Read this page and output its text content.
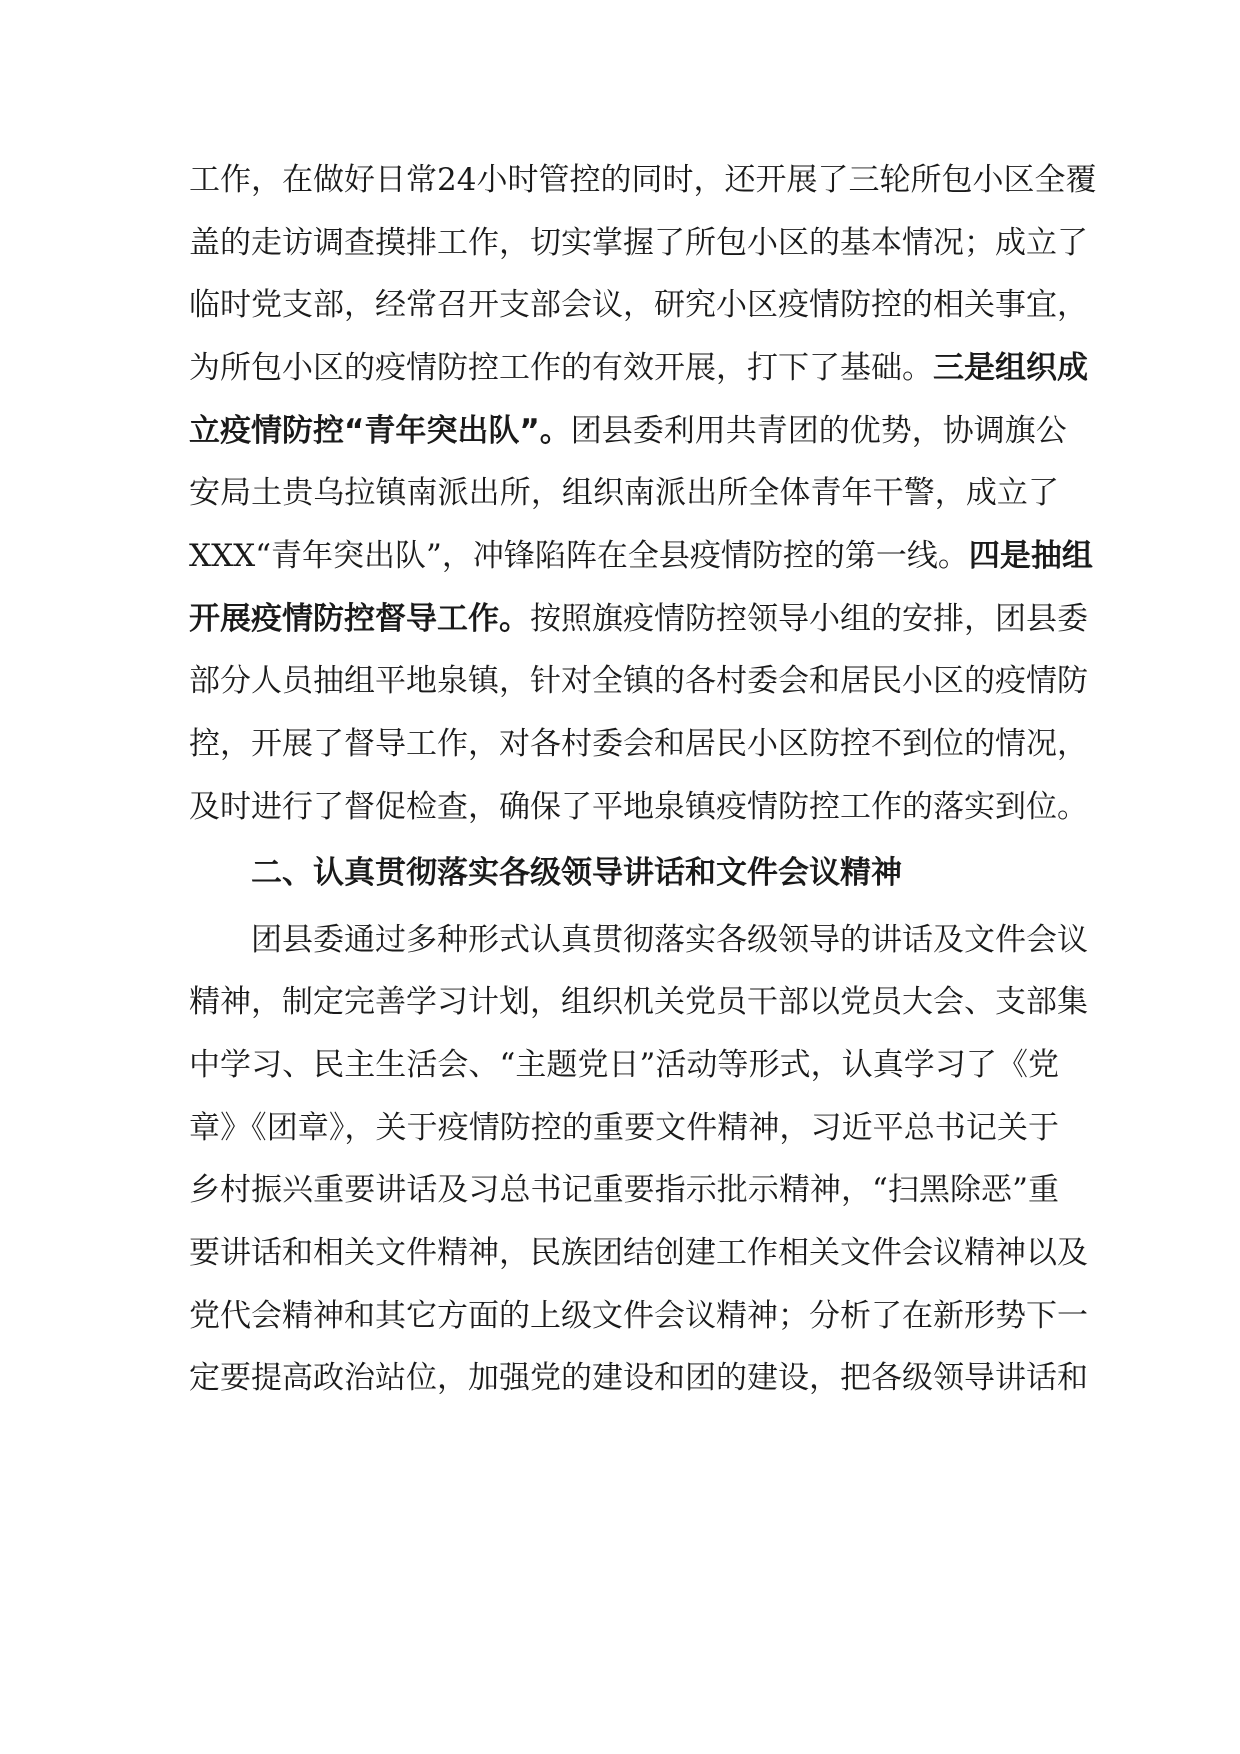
工作，在做好日常24小时管控的同时，还开展了三轮所包小区全覆
盖的走访调查摸排工作，切实掌握了所包小区的基本情况；成立了
临时党支部，经常召开支部会议，研究小区疫情防控的相关事宜，
为所包小区的疫情防控工作的有效开展，打下了基础。三是组织成
立疫情防控“青年突出队”。团县委利用共青团的优势，协调旗公
安局土贵乌拉镇南派出所，组织南派出所全体青年干警，成立了
XXX“青年突出队”，冲锋陷阵在全县疫情防控的第一线。四是抽组
开展疫情防控督导工作。按照旗疫情防控领导小组的安排，团县委
部分人员抽组平地泉镇，针对全镇的各村委会和居民小区的疫情防
控，开展了督导工作，对各村委会和居民小区防控不到位的情况，
及时进行了督促检查，确保了平地泉镇疫情防控工作的落实到位。
二、认真贯彻落实各级领导讲话和文件会议精神
团县委通过多种形式认真贯彻落实各级领导的讲话及文件会议
精神，制定完善学习计划，组织机关党员干部以党员大会、支部集
中学习、民主生活会、“主题党日”活动等形式，认真学习了《党
章》《团章》，关于疫情防控的重要文件精神，习近平总书记关于
乡村振兴重要讲话及习总书记重要指示批示精神，“扫黑除恶”重
要讲话和相关文件精神，民族团结创建工作相关文件会议精神以及
党代会精神和其它方面的上级文件会议精神；分析了在新形势下一
定要提高政治站位，加强党的建设和团的建设，把各级领导讲话和
